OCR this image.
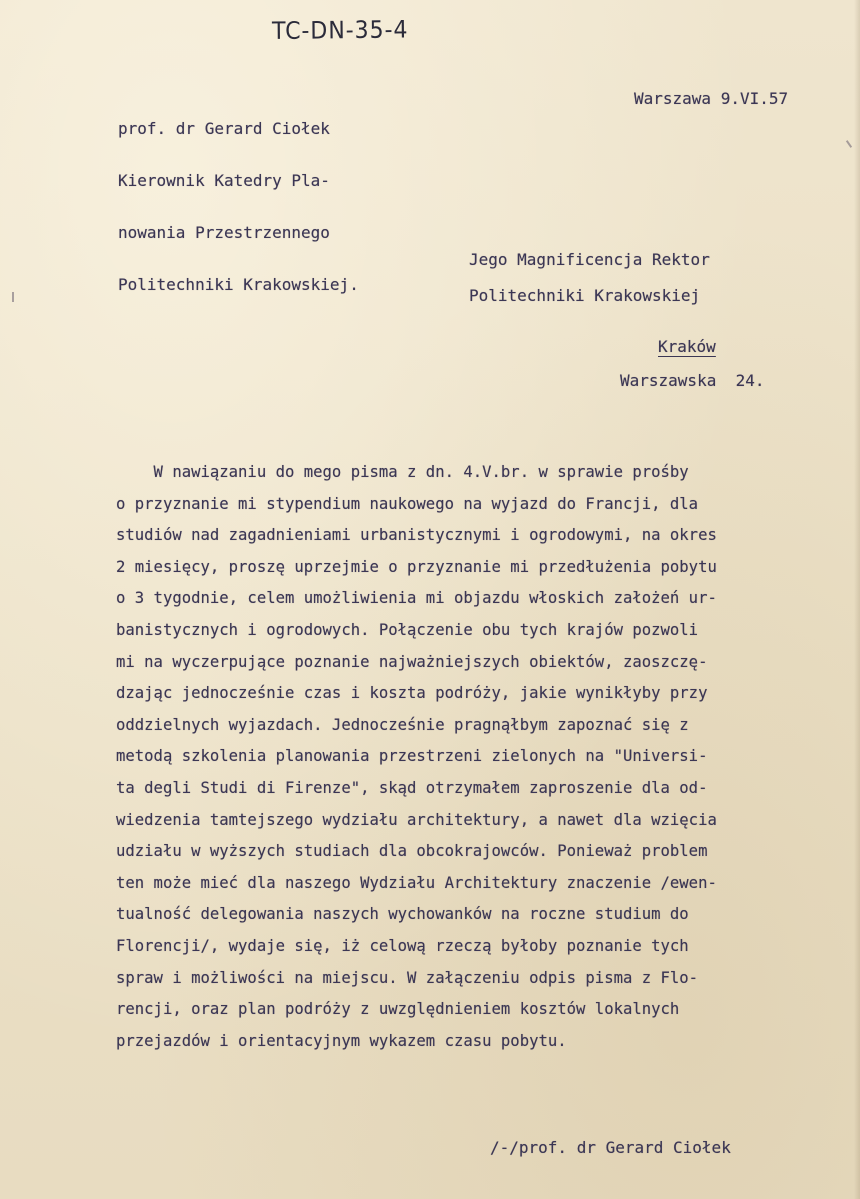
TC-DN-35-4

prof. dr Gerard Ciołek

Kierownik Katedry Pla-

nowania Przestrzennego

Politechniki Krakowskiej.

Warszawa 9.VI.57
Jego Magnificencja Rektor
Politechniki Krakowskiej
Kraków
Warszawska  24.
W nawiązaniu do mego pisma z dn. 4.V.br. w sprawie prośby
o przyznanie mi stypendium naukowego na wyjazd do Francji, dla
studiów nad zagadnieniami urbanistycznymi i ogrodowymi, na okres
2 miesięcy, proszę uprzejmie o przyznanie mi przedłużenia pobytu
o 3 tygodnie, celem umożliwienia mi objazdu włoskich założeń ur-
banistycznych i ogrodowych. Połączenie obu tych krajów pozwoli
mi na wyczerpujące poznanie najważniejszych obiektów, zaoszczę-
dzając jednocześnie czas i koszta podróży, jakie wynikłyby przy
oddzielnych wyjazdach. Jednocześnie pragnąłbym zapoznać się z
metodą szkolenia planowania przestrzeni zielonych na "Universi-
ta degli Studi di Firenze", skąd otrzymałem zaproszenie dla od-
wiedzenia tamtejszego wydziału architektury, a nawet dla wzięcia
udziału w wyższych studiach dla obcokrajowców. Ponieważ problem
ten może mieć dla naszego Wydziału Architektury znaczenie /ewen-
tualność delegowania naszych wychowanków na roczne studium do
Florencji/, wydaje się, iż celową rzeczą byłoby poznanie tych
spraw i możliwości na miejscu. W załączeniu odpis pisma z Flo-
rencji, oraz plan podróży z uwzględnieniem kosztów lokalnych
przejazdów i orientacyjnym wykazem czasu pobytu.
/-/prof. dr Gerard Ciołek
